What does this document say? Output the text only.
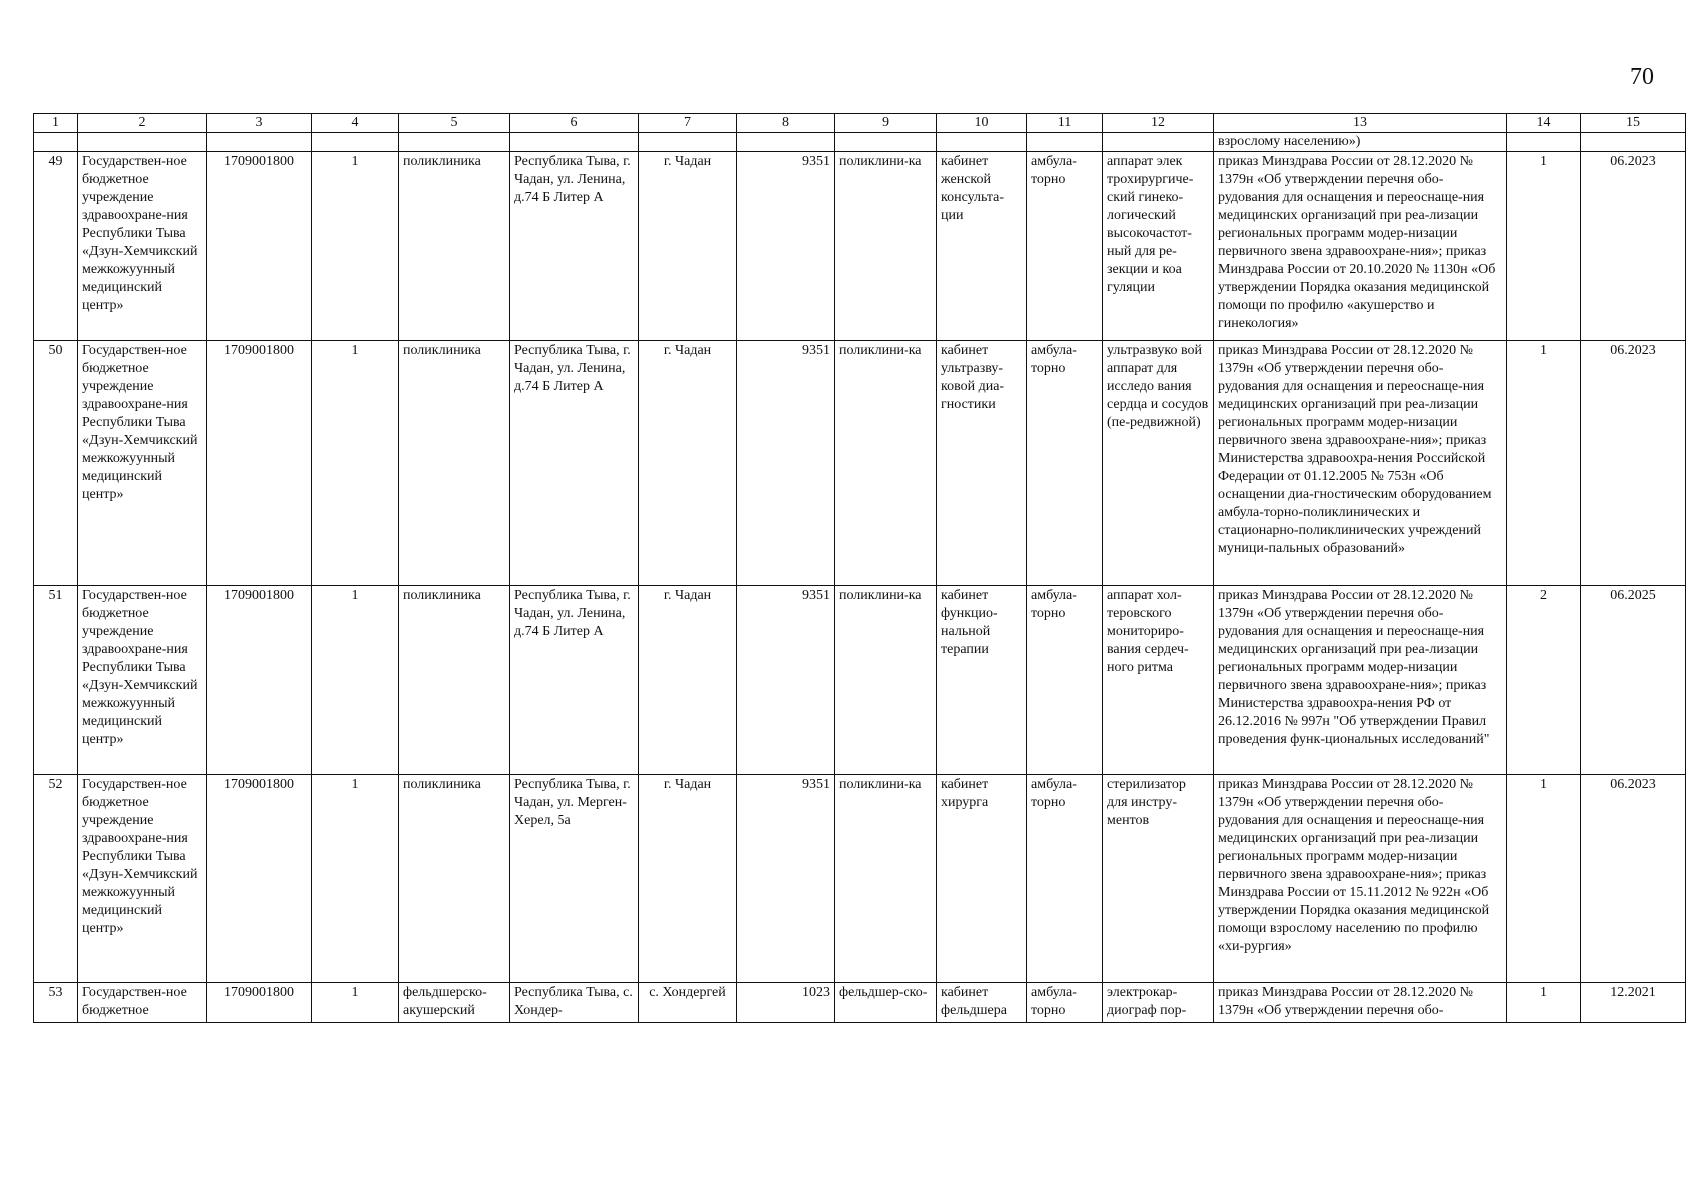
70
1	2	3	4	5	6	7	8	9	10	11	12	13	14	15
												взрослому населению»)		
49	Государствен-ное бюджетное учреждение здравоохране-ния Республики Тыва «Дзун-Хемчикский межкожуунный медицинский центр»	1709001800	1	поликлиника	Республика Тыва, г. Чадан, ул. Ленина, д.74 Б Литер А	г. Чадан	9351	поликлини-ка	кабинет женской консульта-ции	амбула-торно	аппарат элек трохирургиче-ский гинеко-логический высокочастот-ный для ре-зекции и коа гуляции	приказ Минздрава России от 28.12.2020 № 1379н «Об утверждении перечня обо-рудования для оснащения и переоснаще-ния медицинских организаций при реа-лизации региональных программ модер-низации первичного звена здравоохране-ния»; приказ Минздрава России от 20.10.2020 № 1130н «Об утверждении Порядка оказания медицинской помощи по профилю «акушерство и гинекология»	1	06.2023
50	Государствен-ное бюджетное учреждение здравоохране-ния Республики Тыва «Дзун-Хемчикский межкожуунный медицинский центр»	1709001800	1	поликлиника	Республика Тыва, г. Чадан, ул. Ленина, д.74 Б Литер А	г. Чадан	9351	поликлини-ка	кабинет ультразву-ковой диа-гностики	амбула-торно	ультразвуко вой аппарат для исследо вания сердца и сосудов (пе-редвижной)	приказ Минздрава России от 28.12.2020 № 1379н «Об утверждении перечня обо-рудования для оснащения и переоснаще-ния медицинских организаций при реа-лизации региональных программ модер-низации первичного звена здравоохране-ния»; приказ Министерства здравоохра-нения Российской Федерации от 01.12.2005 № 753н «Об оснащении диа-гностическим оборудованием амбула-торно-поликлинических и стационарно-поликлинических учреждений муници-пальных образований»	1	06.2023
51	Государствен-ное бюджетное учреждение здравоохране-ния Республики Тыва «Дзун-Хемчикский межкожуунный медицинский центр»	1709001800	1	поликлиника	Республика Тыва, г. Чадан, ул. Ленина, д.74 Б Литер А	г. Чадан	9351	поликлини-ка	кабинет функцио-нальной терапии	амбула-торно	аппарат хол-теровского мониториро-вания сердеч-ного ритма	приказ Минздрава России от 28.12.2020 № 1379н «Об утверждении перечня обо-рудования для оснащения и переоснаще-ния медицинских организаций при реа-лизации региональных программ модер-низации первичного звена здравоохране-ния»; приказ Министерства здравоохра-нения РФ от 26.12.2016 № 997н "Об утверждении Правил проведения функ-циональных исследований"	2	06.2025
52	Государствен-ное бюджетное учреждение здравоохране-ния Республики Тыва «Дзун-Хемчикский межкожуунный медицинский центр»	1709001800	1	поликлиника	Республика Тыва, г. Чадан, ул. Мерген-Херел, 5а	г. Чадан	9351	поликлини-ка	кабинет хирурга	амбула-торно	стерилизатор для инстру-ментов	приказ Минздрава России от 28.12.2020 № 1379н «Об утверждении перечня обо-рудования для оснащения и переоснаще-ния медицинских организаций при реа-лизации региональных программ модер-низации первичного звена здравоохране-ния»; приказ Минздрава России от 15.11.2012 № 922н «Об утверждении Порядка оказания медицинской помощи взрослому населению по профилю «хи-рургия»	1	06.2023
53	Государствен-ное бюджетное	1709001800	1	фельдшерско-акушерский	Республика Тыва, с. Хондер-	с. Хондергей	1023	фельдшер-ско-	кабинет фельдшера	амбула-торно	электрокар-диограф пор-	приказ Минздрава России от 28.12.2020 № 1379н «Об утверждении перечня обо-	1	12.2021
